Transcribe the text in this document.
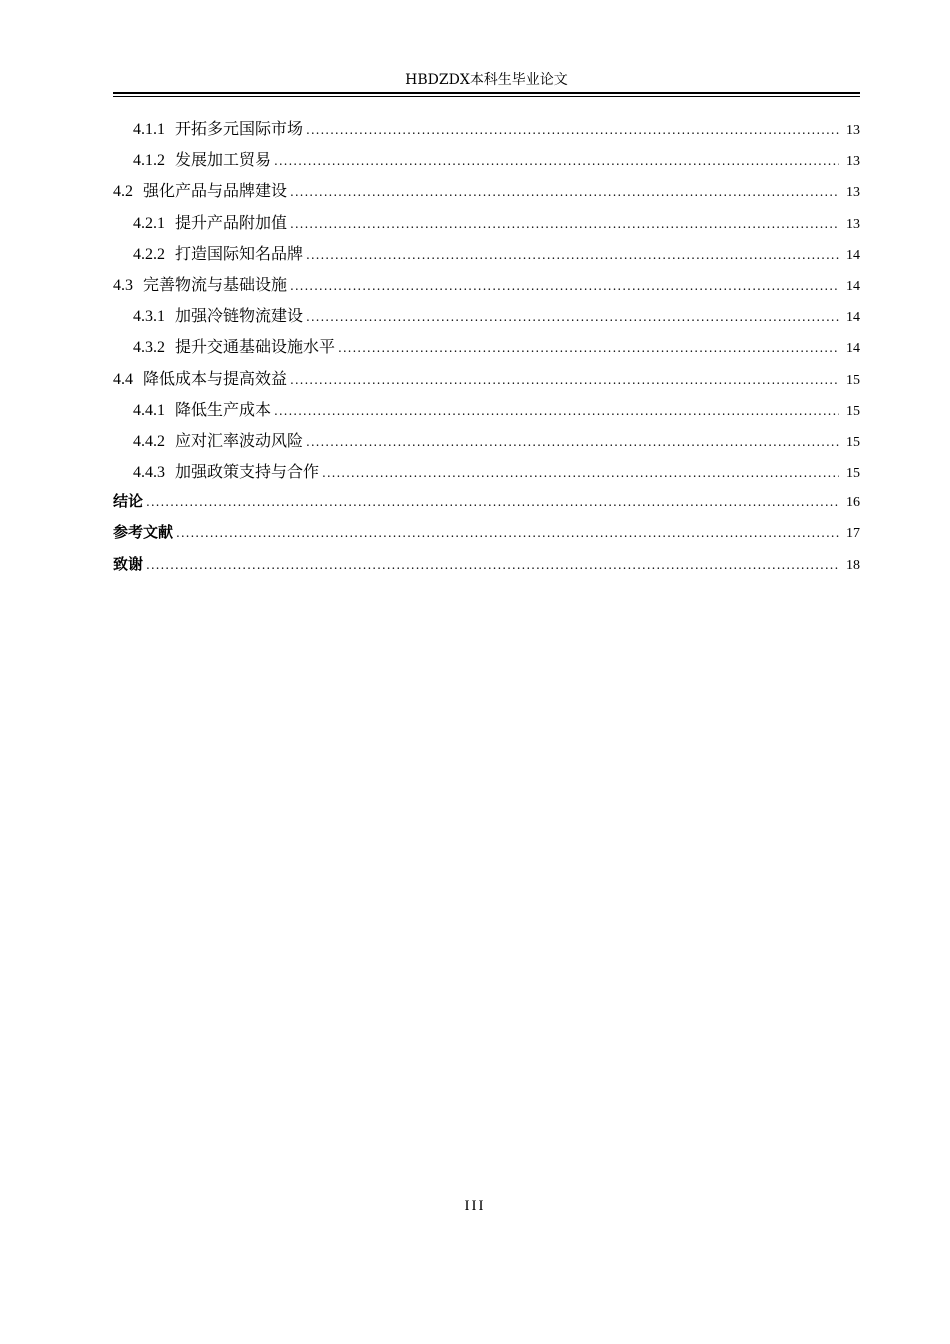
HBDZDX本科生毕业论文
4.1.1 开拓多元国际市场 .....	13
4.1.2 发展加工贸易 .....	13
4.2 强化产品与品牌建设 .....	13
4.2.1 提升产品附加值 .....	13
4.2.2 打造国际知名品牌 .....	14
4.3 完善物流与基础设施 .....	14
4.3.1 加强冷链物流建设 .....	14
4.3.2 提升交通基础设施水平 .....	14
4.4 降低成本与提高效益 .....	15
4.4.1 降低生产成本 .....	15
4.4.2 应对汇率波动风险 .....	15
4.4.3 加强政策支持与合作 .....	15
结论 .....	16
参考文献 .....	17
致谢 .....	18
III
